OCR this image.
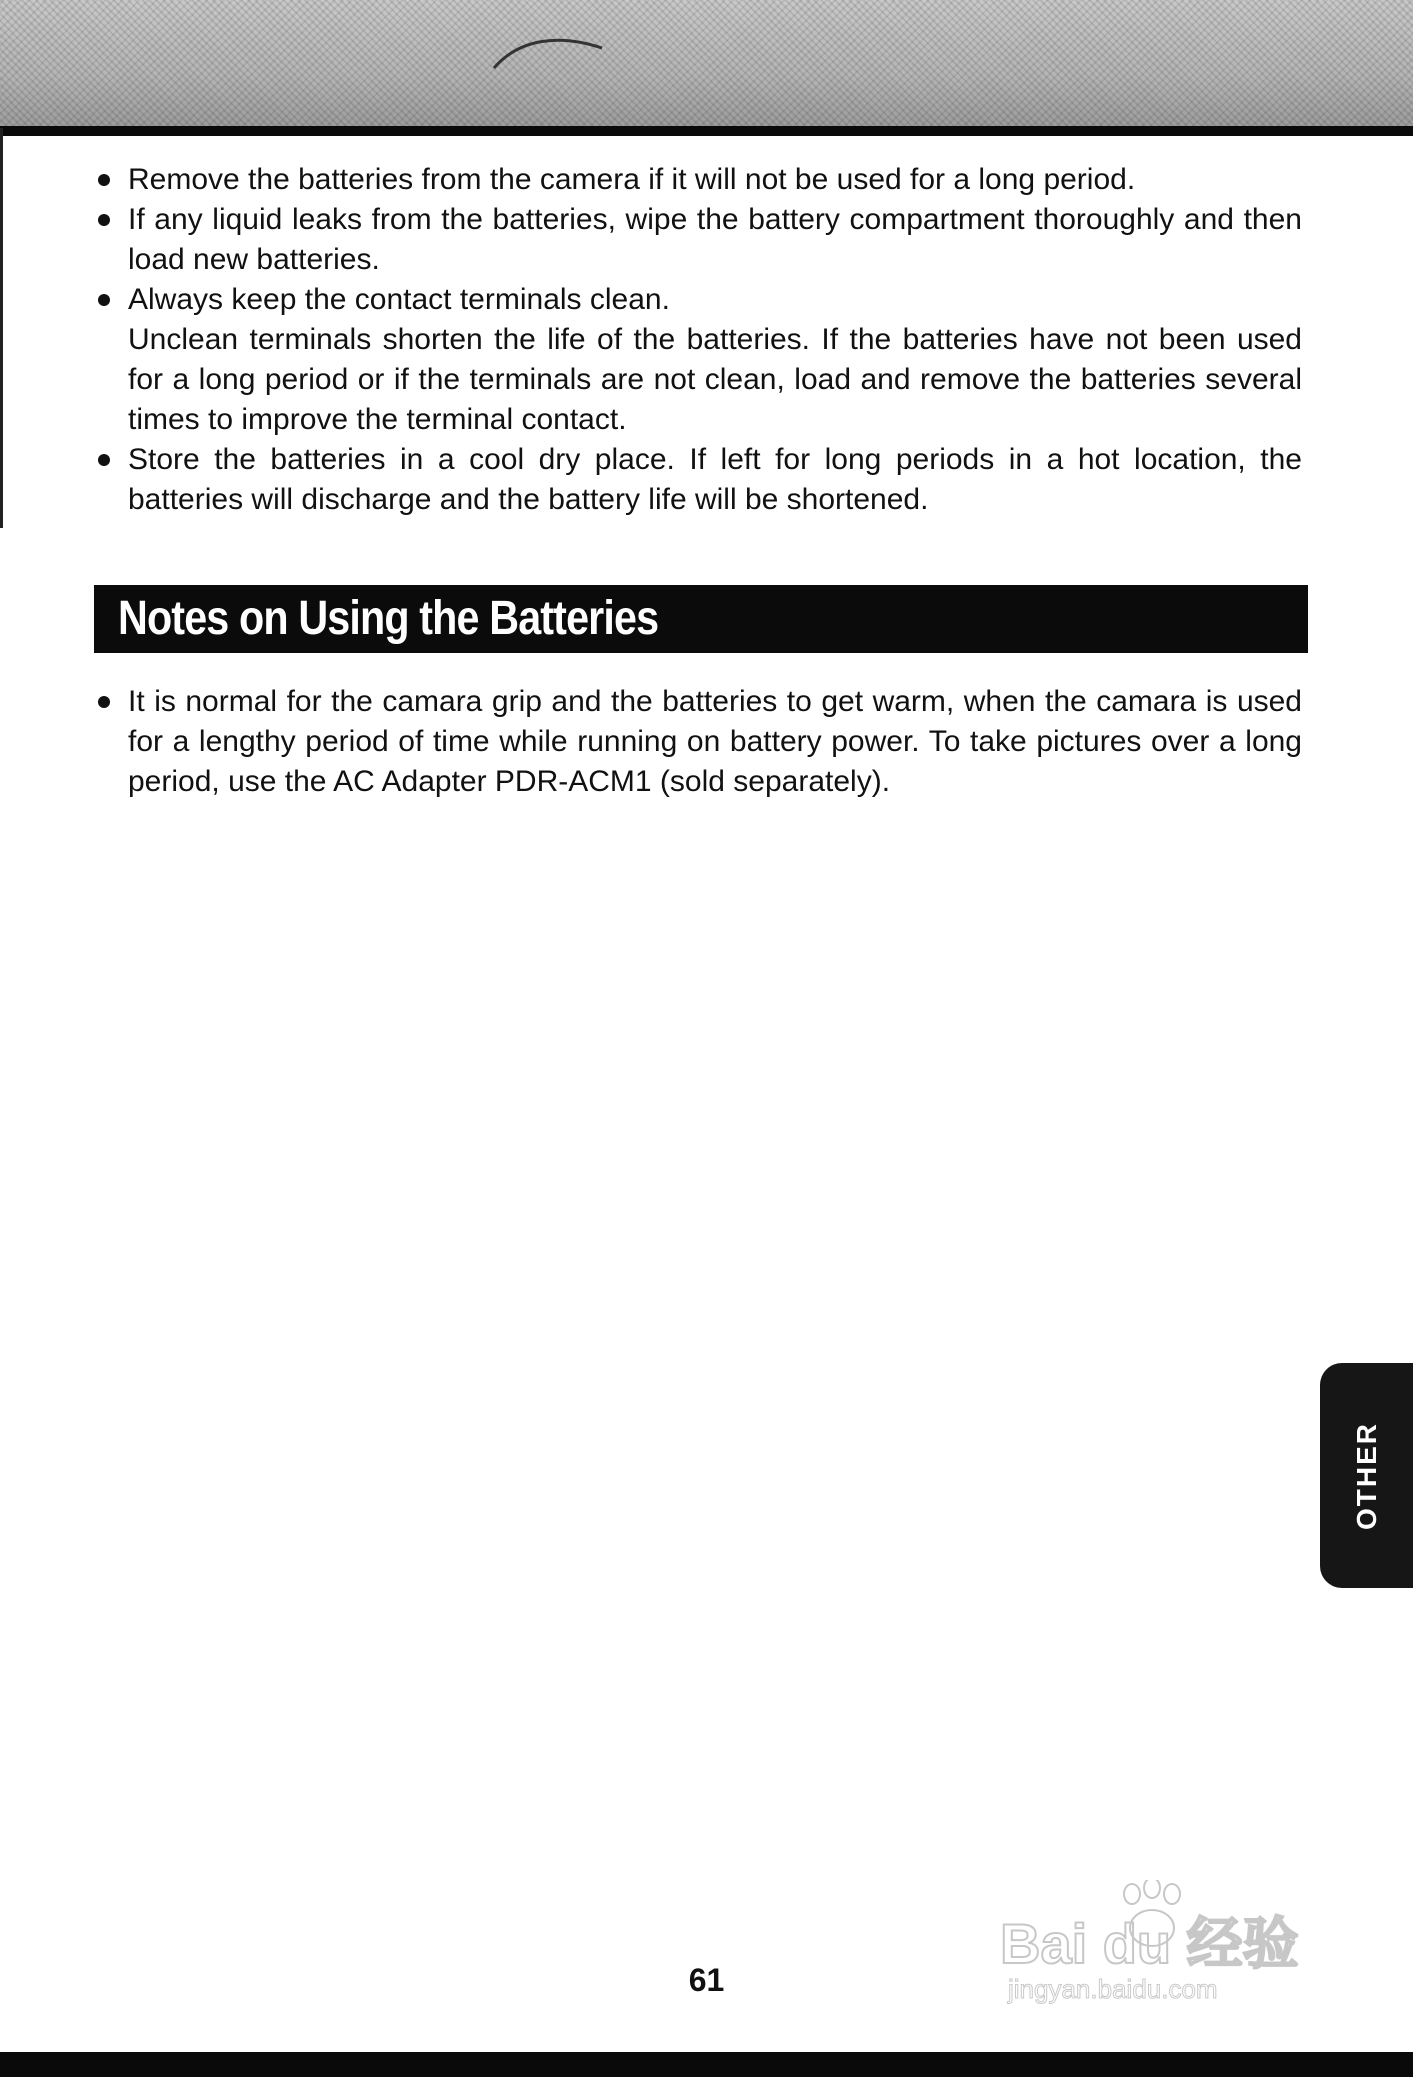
Remove the batteries from the camera if it will not be used for a long period.
If any liquid leaks from the batteries, wipe the battery compartment thoroughly and then load new batteries.
Always keep the contact terminals clean.
Unclean terminals shorten the life of the batteries. If the batteries have not been used for a long period or if the terminals are not clean, load and remove the batteries several times to improve the terminal contact.
Store the batteries in a cool dry place. If left for long periods in a hot location, the batteries will discharge and the battery life will be shortened.
Notes on Using the Batteries
It is normal for the camara grip and the batteries to get warm, when the camara is used for a lengthy period of time while running on battery power. To take pictures over a long period, use the AC Adapter PDR-ACM1 (sold separately).
OTHER
61
Bai du 经验
jingyan.baidu.com
